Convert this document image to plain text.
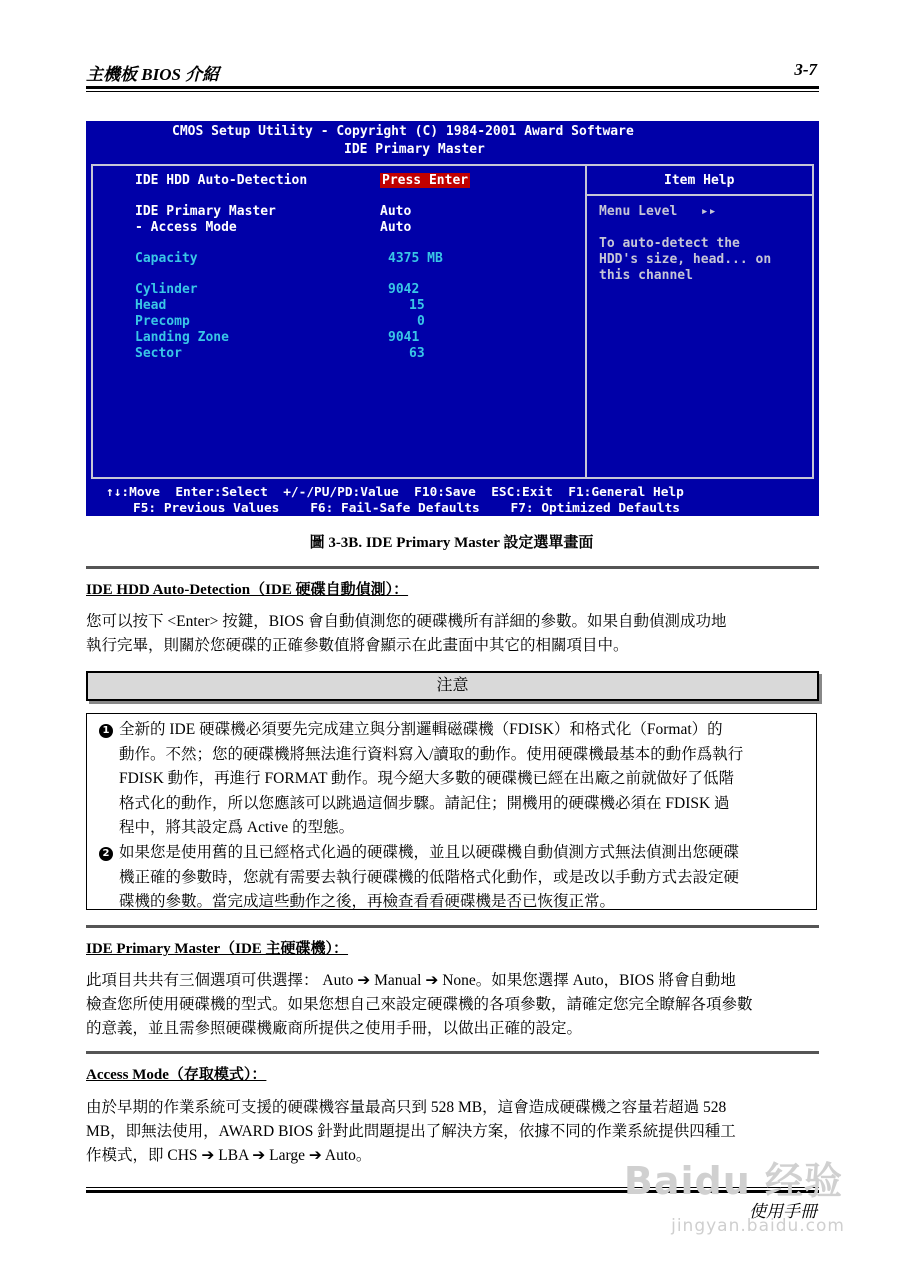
主機板 BIOS 介紹	3-7
CMOS Setup Utility - Copyright (C) 1984-2001 Award Software
IDE Primary Master
IDE HDD Auto-Detection	Press Enter
IDE Primary Master	Auto
- Access Mode	Auto
Capacity	4375 MB
Cylinder	9042
Head	15
Precomp	0
Landing Zone	9041
Sector	63
Item Help
Menu Level   ▸▸
To auto-detect the
HDD's size, head... on
this channel
↑↓:Move  Enter:Select  +/-/PU/PD:Value  F10:Save  ESC:Exit  F1:General Help
F5: Previous Values    F6: Fail-Safe Defaults    F7: Optimized Defaults
圖 3-3B. IDE Primary Master 設定選單畫面
IDE HDD Auto-Detection（IDE 硬碟自動偵測）：
您可以按下 <Enter> 按鍵，BIOS 會自動偵測您的硬碟機所有詳細的參數。如果自動偵測成功地
執行完畢，則關於您硬碟的正確參數值將會顯示在此畫面中其它的相關項目中。
注意
1 全新的 IDE 硬碟機必須要先完成建立與分割邏輯磁碟機（FDISK）和格式化（Format）的
動作。不然；您的硬碟機將無法進行資料寫入/讀取的動作。使用硬碟機最基本的動作爲執行
FDISK 動作，再進行 FORMAT 動作。現今絕大多數的硬碟機已經在出廠之前就做好了低階
格式化的動作，所以您應該可以跳過這個步驟。請記住；開機用的硬碟機必須在 FDISK 過
程中，將其設定爲 Active 的型態。
2 如果您是使用舊的且已經格式化過的硬碟機，並且以硬碟機自動偵測方式無法偵測出您硬碟
機正確的參數時，您就有需要去執行硬碟機的低階格式化動作，或是改以手動方式去設定硬
碟機的參數。當完成這些動作之後，再檢查看看硬碟機是否已恢復正常。
IDE Primary Master（IDE 主硬碟機）：
此項目共共有三個選項可供選擇： Auto ➔ Manual ➔ None。如果您選擇 Auto，BIOS 將會自動地
檢查您所使用硬碟機的型式。如果您想自己來設定硬碟機的各項參數，請確定您完全瞭解各項參數
的意義，並且需參照硬碟機廠商所提供之使用手冊，以做出正確的設定。
Access Mode（存取模式）：
由於早期的作業系統可支援的硬碟機容量最高只到 528 MB，這會造成硬碟機之容量若超過 528
MB，即無法使用，AWARD BIOS 針對此問題提出了解決方案，依據不同的作業系統提供四種工
作模式，即 CHS ➔ LBA ➔ Large ➔ Auto。
Baidu 经验
使用手冊
jingyan.baidu.com
